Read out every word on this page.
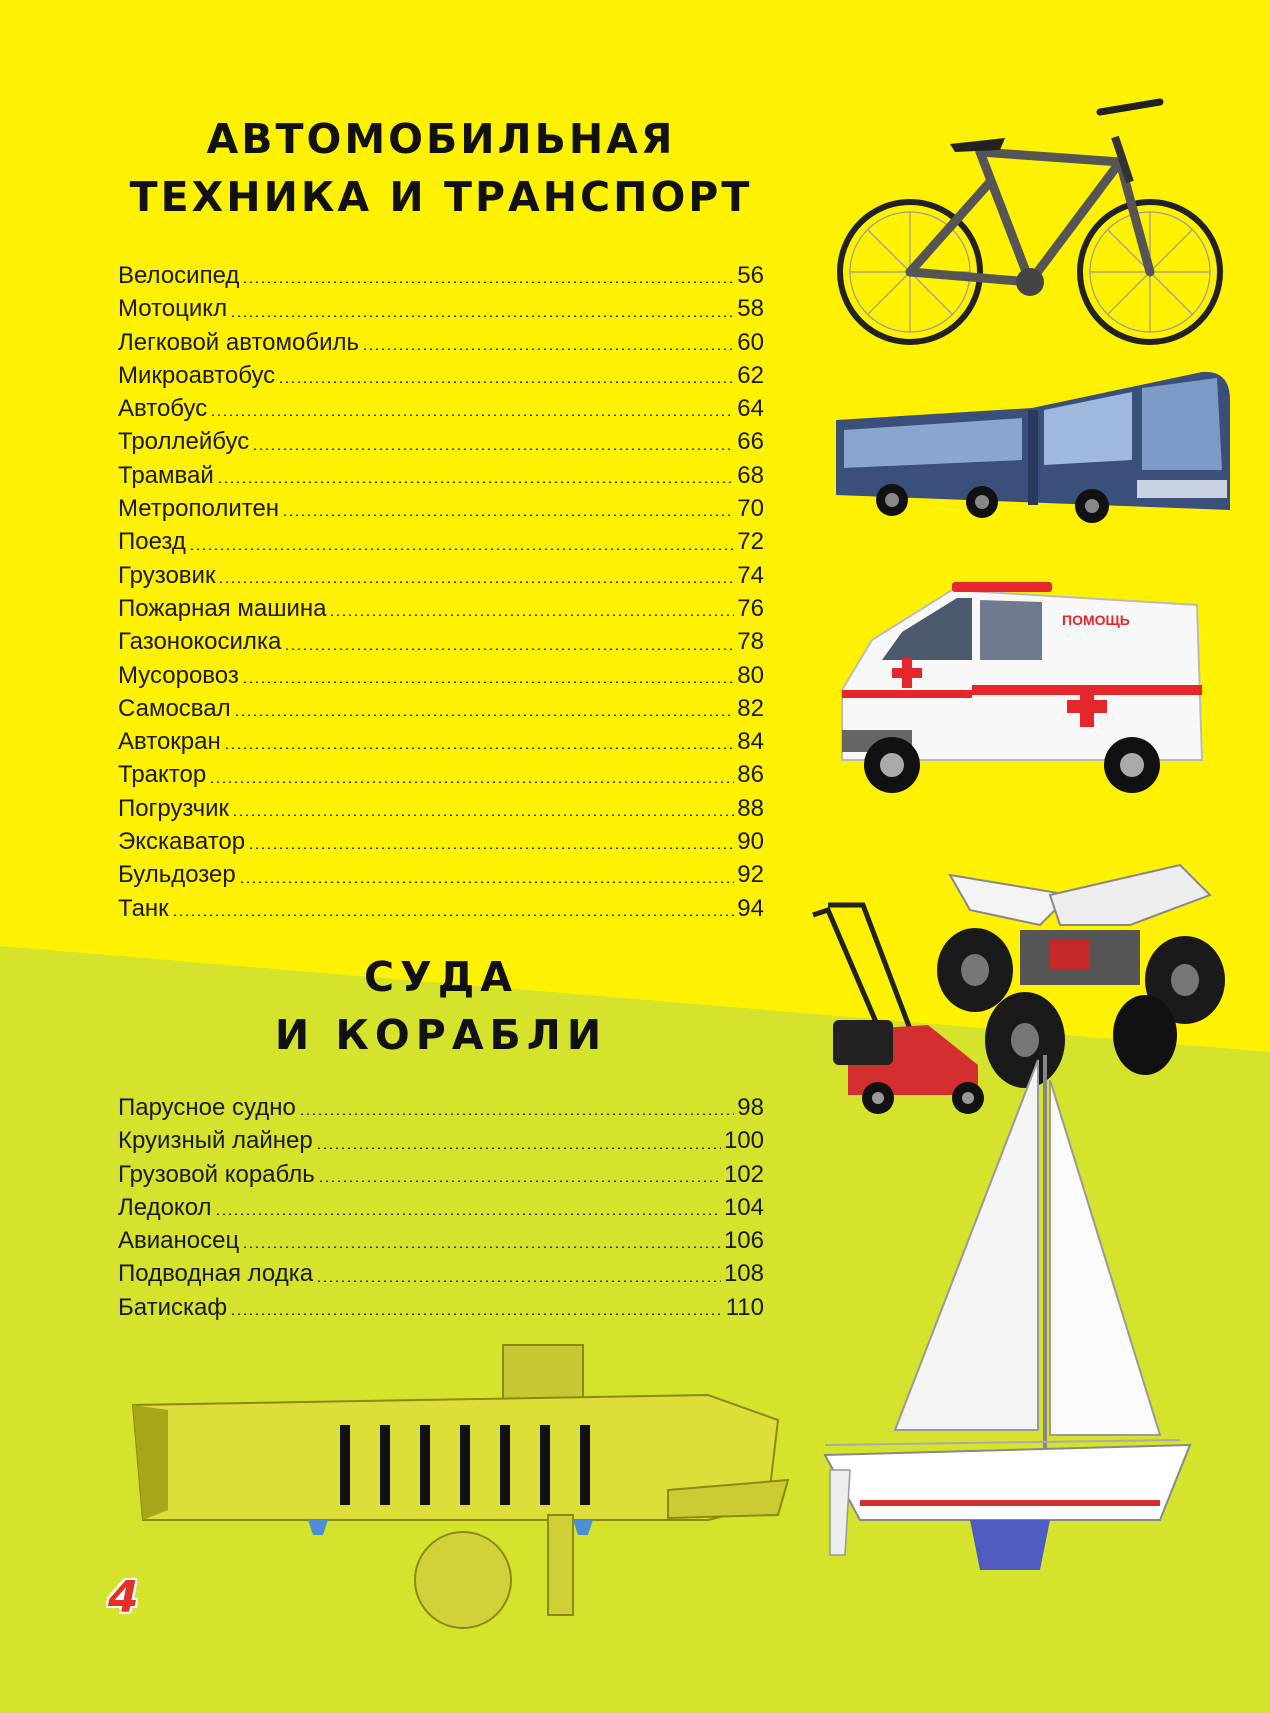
АВТОМОБИЛЬНАЯ
ТЕХНИКА И ТРАНСПОРТ
Велосипед	56
Мотоцикл	58
Легковой автомобиль	60
Микроавтобус	62
Автобус	64
Троллейбус	66
Трамвай	68
Метрополитен	70
Поезд	72
Грузовик	74
Пожарная машина	76
Газонокосилка	78
Мусоровоз	80
Самосвал	82
Автокран	84
Трактор	86
Погрузчик	88
Экскаватор	90
Бульдозер	92
Танк	94
СУДА
И КОРАБЛИ
Парусное судно	98
Круизный лайнер	100
Грузовой корабль	102
Ледокол	104
Авианосец	106
Подводная лодка	108
Батискаф	110
ПОМОЩЬ
4
